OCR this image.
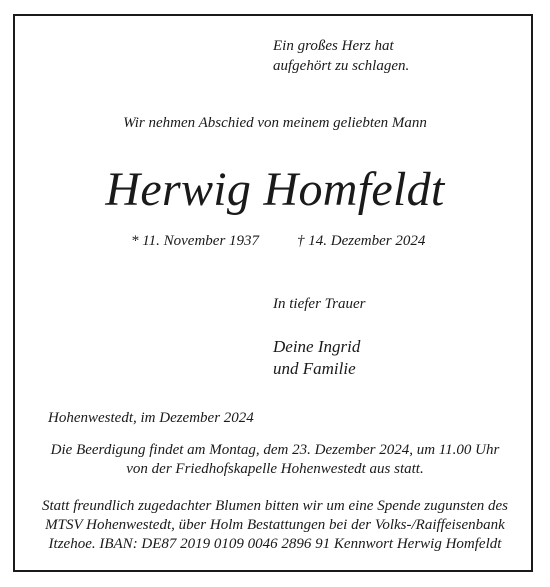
Ein großes Herz hat
aufgehört zu schlagen.
Wir nehmen Abschied von meinem geliebten Mann
Herwig Homfeldt
* 11. November 1937	† 14. Dezember 2024
In tiefer Trauer
Deine Ingrid
und Familie
Hohenwestedt, im Dezember 2024
Die Beerdigung findet am Montag, dem 23. Dezember 2024, um 11.00 Uhr
von der Friedhofskapelle Hohenwestedt aus statt.
Statt freundlich zugedachter Blumen bitten wir um eine Spende zugunsten des
MTSV Hohenwestedt, über Holm Bestattungen bei der Volks-/Raiffeisenbank
Itzehoe. IBAN: DE87 2019 0109 0046 2896 91 Kennwort Herwig Homfeldt
